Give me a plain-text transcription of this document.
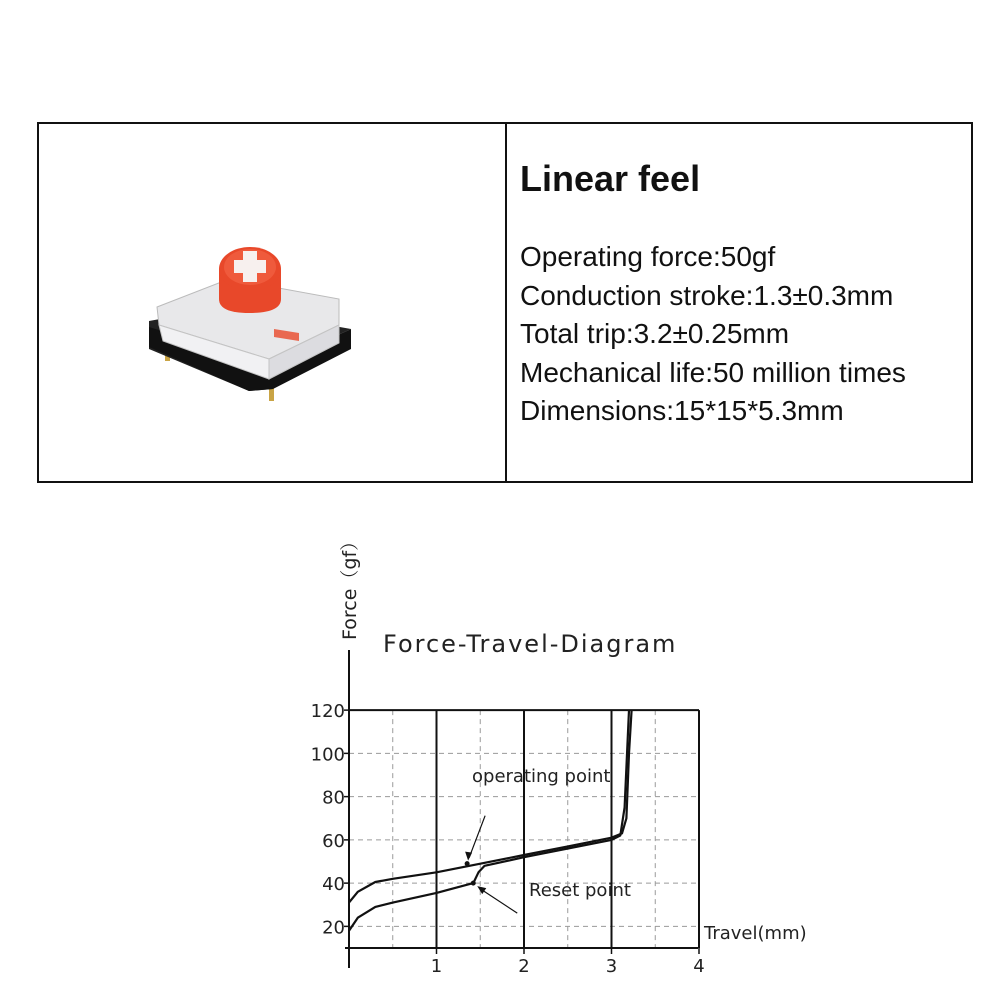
Linear feel
Operating force:50gf
Conduction stroke:1.3±0.3mm
Total trip:3.2±0.25mm
Mechanical life:50 million times
Dimensions:15*15*5.3mm
20
40
60
80
100
120
1	2	3	4
operating point
Reset point
Force-Travel-Diagram
Force（gf）
Travel(mm)
